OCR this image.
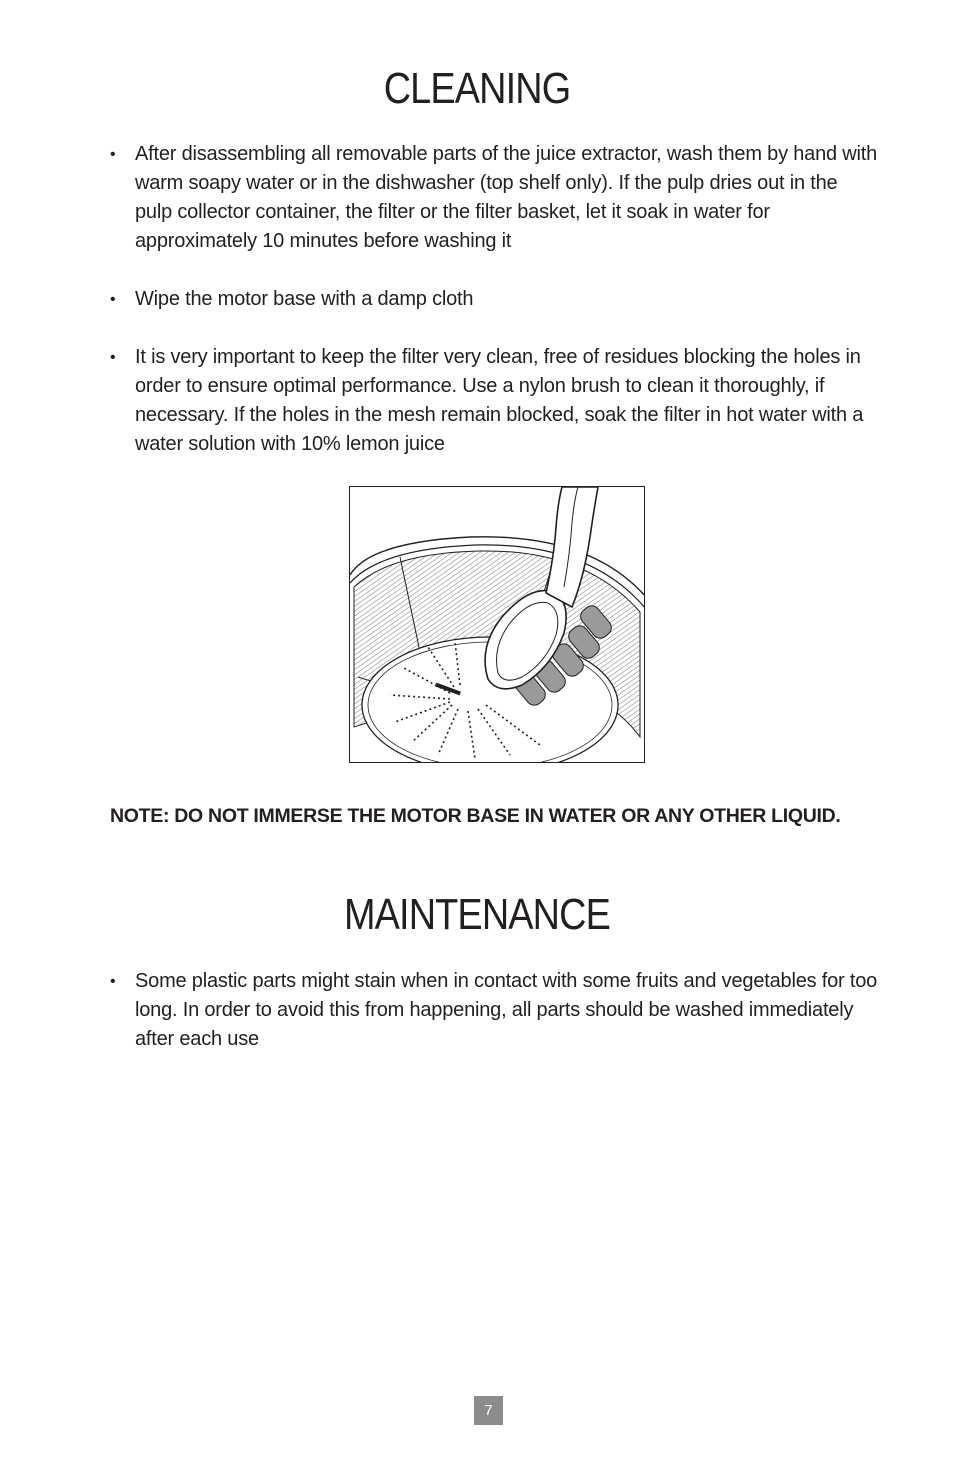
CLEANING
• After disassembling all removable parts of the juice extractor, wash them by hand with warm soapy water or in the dishwasher (top shelf only). If the pulp dries out in the pulp collector container, the filter or the filter basket, let it soak in water for approximately 10 minutes before washing it
• Wipe the motor base with a damp cloth
• It is very important to keep the filter very clean, free of residues blocking the holes in order to ensure optimal performance. Use a nylon brush to clean it thoroughly, if necessary. If the holes in the mesh remain blocked, soak the filter in hot water with a water solution with 10% lemon juice
NOTE: DO NOT IMMERSE THE MOTOR BASE IN WATER OR ANY OTHER LIQUID.
MAINTENANCE
• Some plastic parts might stain when in contact with some fruits and vegetables for too long. In order to avoid this from happening, all parts should be washed immediately after each use
7
